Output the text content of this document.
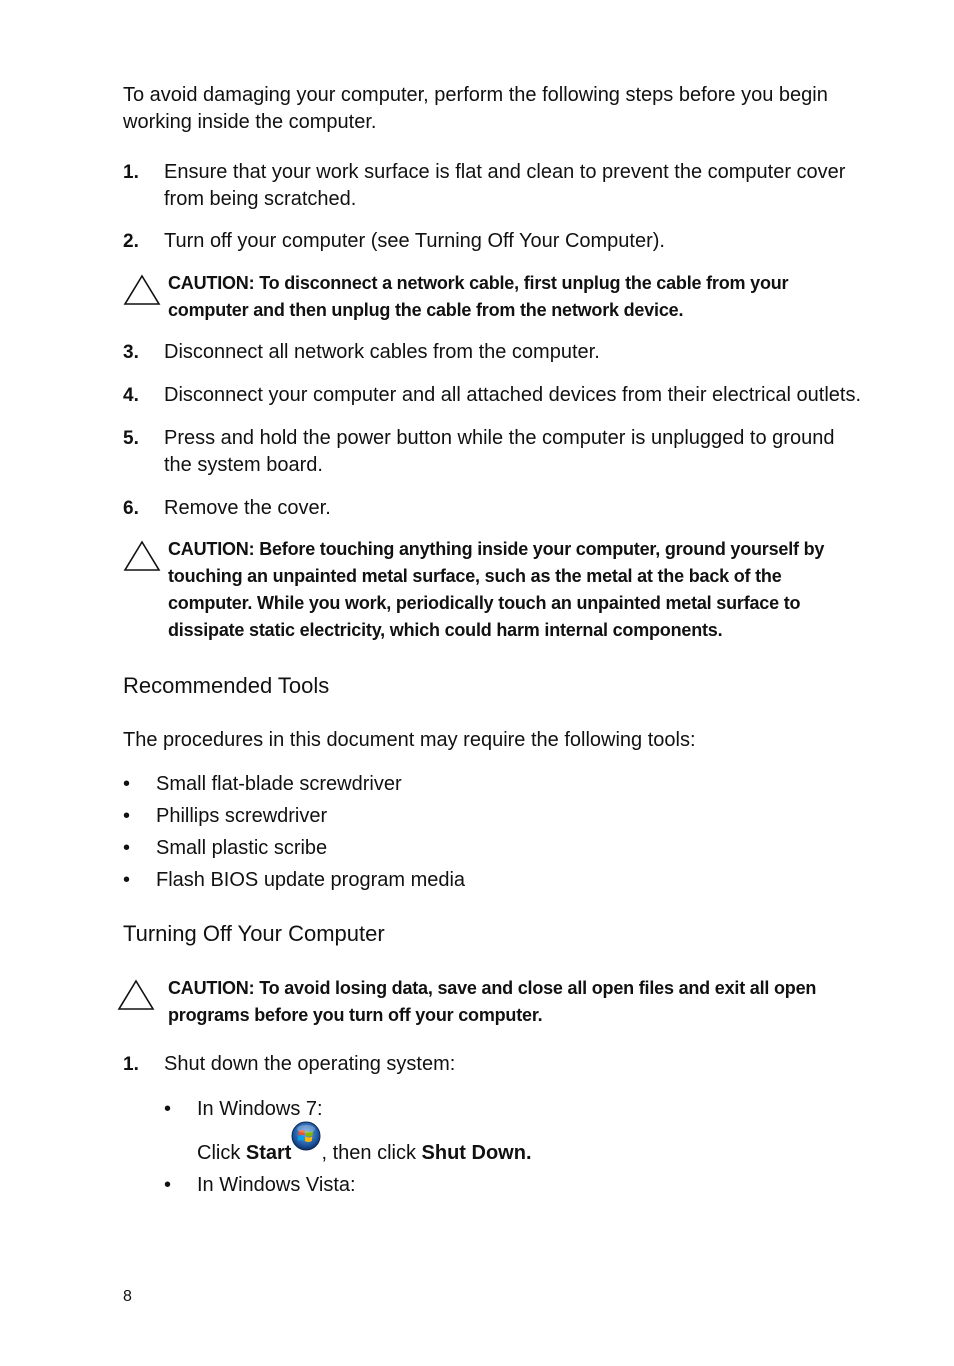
To avoid damaging your computer, perform the following steps before you begin working inside the computer.

1. Ensure that your work surface is flat and clean to prevent the computer cover from being scratched.
2. Turn off your computer (see Turning Off Your Computer).
CAUTION: To disconnect a network cable, first unplug the cable from your computer and then unplug the cable from the network device.
3. Disconnect all network cables from the computer.
4. Disconnect your computer and all attached devices from their electrical outlets.
5. Press and hold the power button while the computer is unplugged to ground the system board.
6. Remove the cover.
CAUTION: Before touching anything inside your computer, ground yourself by touching an unpainted metal surface, such as the metal at the back of the computer. While you work, periodically touch an unpainted metal surface to dissipate static electricity, which could harm internal components.
Recommended Tools

The procedures in this document may require the following tools:

• Small flat-blade screwdriver
• Phillips screwdriver
• Small plastic scribe
• Flash BIOS update program media
Turning Off Your Computer
CAUTION: To avoid losing data, save and close all open files and exit all open programs before you turn off your computer.
1. Shut down the operating system:
• In Windows 7:
Click Start , then click Shut Down.
• In Windows Vista:
8
